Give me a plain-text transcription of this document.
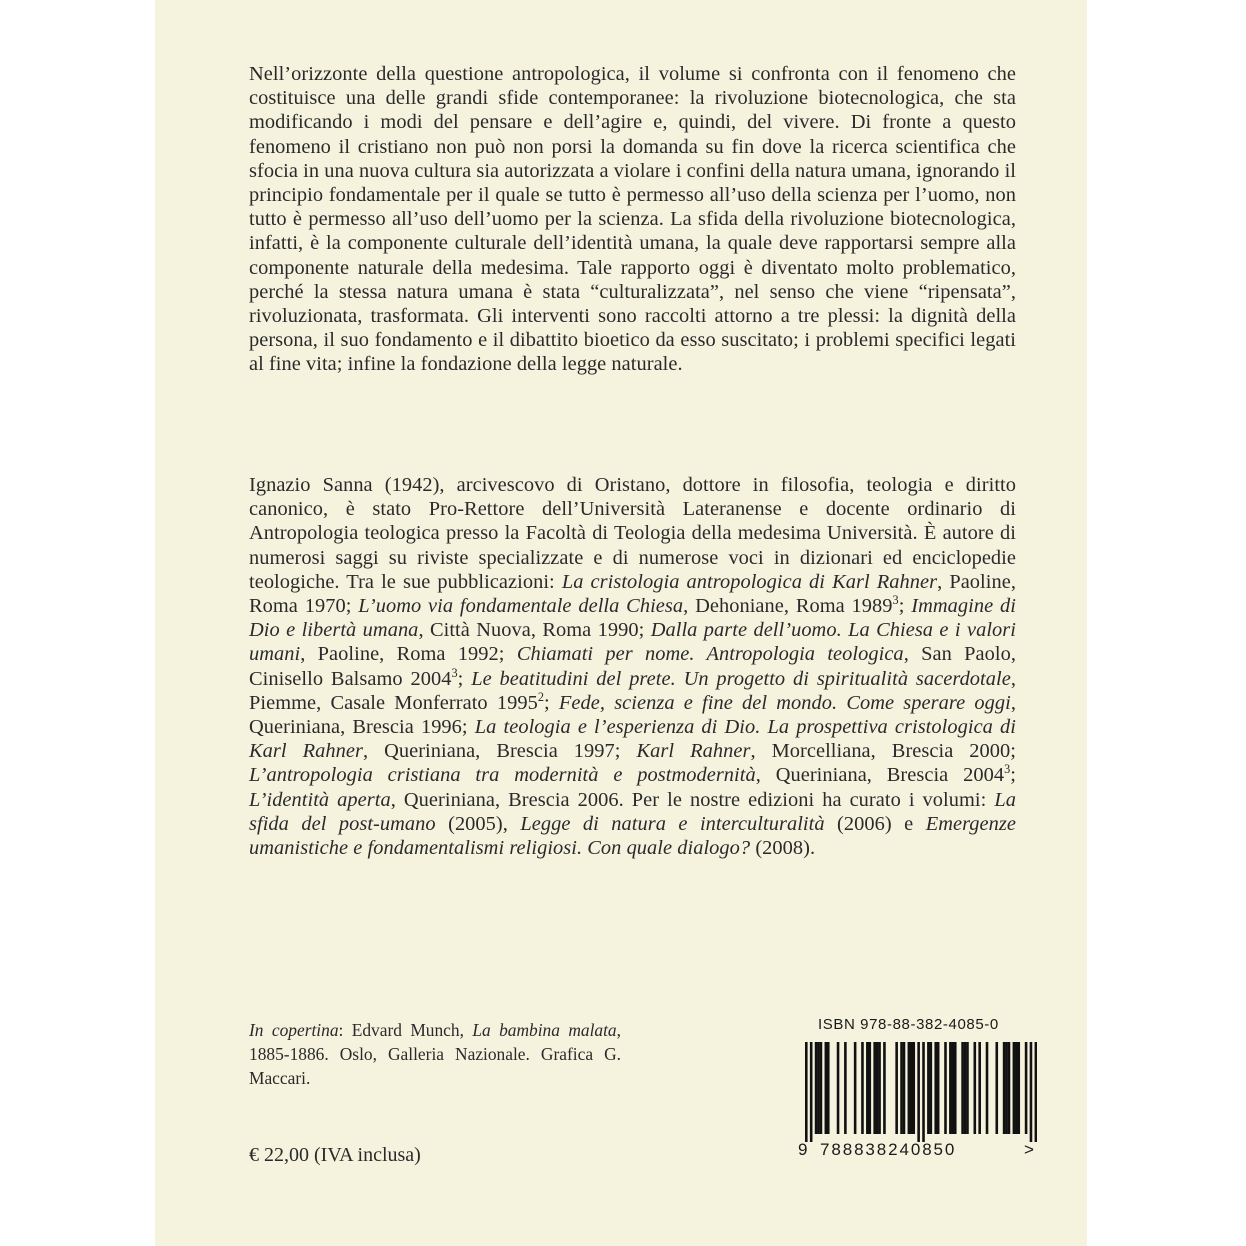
Nell’orizzonte della questione antropologica, il volume si confronta con il fenomeno che costituisce una delle grandi sfide contemporanee: la rivoluzione biotecnologica, che sta modificando i modi del pensare e dell’agire e, quindi, del vivere. Di fronte a questo fenomeno il cristiano non può non porsi la domanda su fin dove la ricerca scientifica che sfocia in una nuova cultura sia autorizzata a violare i confini della natura umana, ignorando il principio fondamentale per il quale se tutto è permesso all’uso della scienza per l’uomo, non tutto è permesso all’uso dell’uomo per la scienza. La sfida della rivoluzione biotecnologica, infatti, è la componente culturale dell’identità umana, la quale deve rapportarsi sempre alla componente naturale della medesima. Tale rapporto oggi è diventato molto problematico, perché la stessa natura umana è stata “culturalizzata”, nel senso che viene “ripensata”, rivoluzionata, trasformata. Gli interventi sono raccolti attorno a tre plessi: la dignità della persona, il suo fondamento e il dibattito bioetico da esso suscitato; i problemi specifici legati al fine vita; infine la fondazione della legge naturale.

Ignazio Sanna (1942), arcivescovo di Oristano, dottore in filosofia, teologia e diritto canonico, è stato Pro-Rettore dell’Università Lateranense e docente ordinario di Antropologia teologica presso la Facoltà di Teologia della medesima Università. È autore di numerosi saggi su riviste specializzate e di numerose voci in dizionari ed enciclopedie teologiche. Tra le sue pubblicazioni: La cristologia antropologica di Karl Rahner, Paoline, Roma 1970; L’uomo via fondamentale della Chiesa, Dehoniane, Roma 1989$^3$; Immagine di Dio e libertà umana, Città Nuova, Roma 1990; Dalla parte dell’uomo. La Chiesa e i valori umani, Paoline, Roma 1992; Chiamati per nome. Antropologia teologica, San Paolo, Cinisello Balsamo 2004$^3$; Le beatitudini del prete. Un progetto di spiritualità sacerdotale, Piemme, Casale Monferrato 1995$^2$; Fede, scienza e fine del mondo. Come sperare oggi, Queriniana, Brescia 1996; La teologia e l’esperienza di Dio. La prospettiva cristologica di Karl Rahner, Queriniana, Brescia 1997; Karl Rahner, Morcelliana, Brescia 2000; L’antropologia cristiana tra modernità e postmodernità, Queriniana, Brescia 2004$^3$; L’identità aperta, Queriniana, Brescia 2006. Per le nostre edizioni ha curato i volumi: La sfida del post-umano (2005), Legge di natura e interculturalità (2006) e Emergenze umanistiche e fondamentalismi religiosi. Con quale dialogo? (2008).

In copertina: Edvard Munch, La bambina malata, 1885-1886. Oslo, Galleria Nazionale. Grafica G. Maccari.
€ 22,00 (IVA inclusa)
ISBN 978-88-382-4085-0
9 788838240850	>
